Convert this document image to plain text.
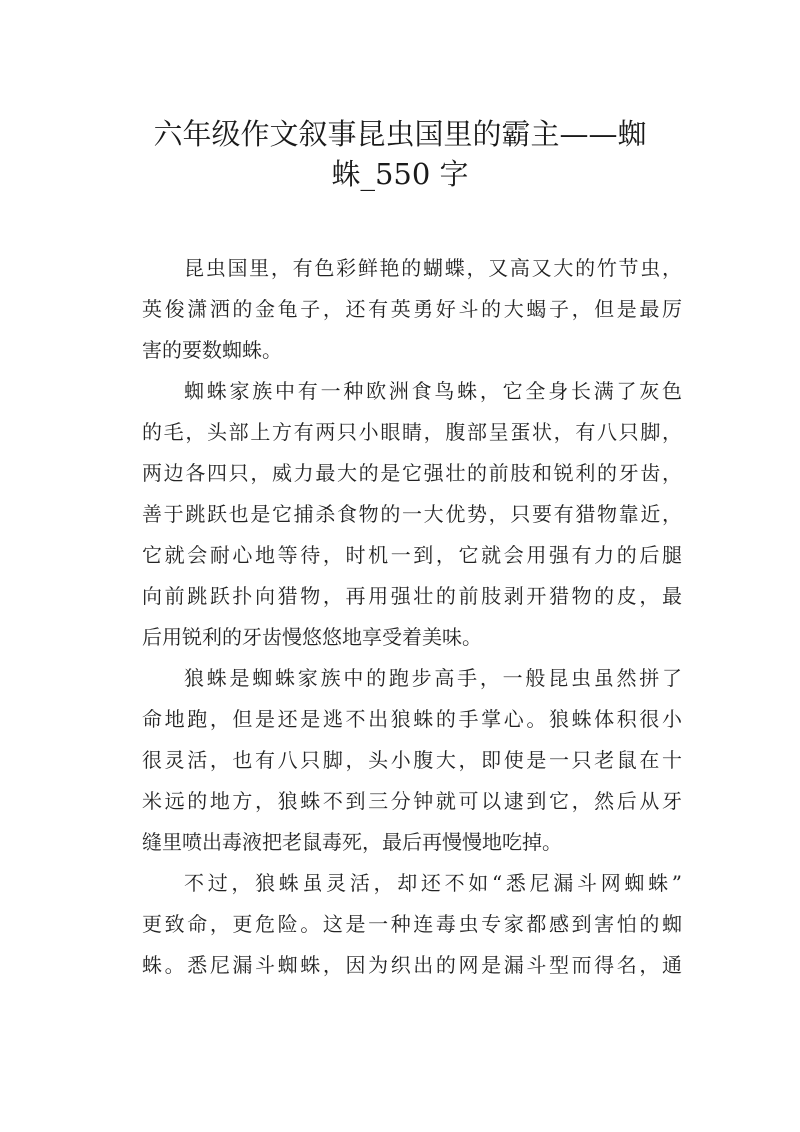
六年级作文叙事昆虫国里的霸主——蜘
蛛_550 字
昆虫国里，有色彩鲜艳的蝴蝶，又高又大的竹节虫，
英俊潇洒的金龟子，还有英勇好斗的大蝎子，但是最厉
害的要数蜘蛛。
蜘蛛家族中有一种欧洲食鸟蛛，它全身长满了灰色
的毛，头部上方有两只小眼睛，腹部呈蛋状，有八只脚，
两边各四只，威力最大的是它强壮的前肢和锐利的牙齿，
善于跳跃也是它捕杀食物的一大优势，只要有猎物靠近，
它就会耐心地等待，时机一到，它就会用强有力的后腿
向前跳跃扑向猎物，再用强壮的前肢剥开猎物的皮，最
后用锐利的牙齿慢悠悠地享受着美味。
狼蛛是蜘蛛家族中的跑步高手，一般昆虫虽然拼了
命地跑，但是还是逃不出狼蛛的手掌心。狼蛛体积很小
很灵活，也有八只脚，头小腹大，即使是一只老鼠在十
米远的地方，狼蛛不到三分钟就可以逮到它，然后从牙
缝里喷出毒液把老鼠毒死，最后再慢慢地吃掉。
不过，狼蛛虽灵活，却还不如“悉尼漏斗网蜘蛛”
更致命，更危险。这是一种连毒虫专家都感到害怕的蜘
蛛。悉尼漏斗蜘蛛，因为织出的网是漏斗型而得名，通
